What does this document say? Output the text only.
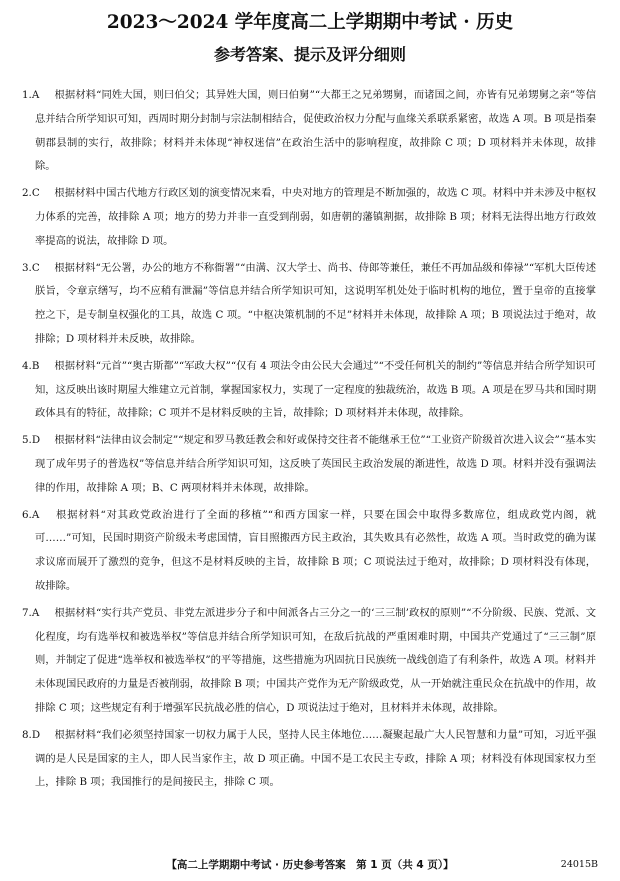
2023～2024 学年度高二上学期期中考试 · 历史
参考答案、提示及评分细则

1.A　 根据材料“同姓大国，则曰伯父；其异姓大国，则曰伯舅”“大都王之兄弟甥舅，而诸国之间，亦皆有兄弟甥舅之亲”等信息并结合所学知识可知，西周时期分封制与宗法制相结合，促使政治权力分配与血缘关系联系紧密，故选 A 项。B 项是指秦朝郡县制的实行，故排除；材料并未体现“神权迷信”在政治生活中的影响程度，故排除 C 项；D 项材料并未体现，故排除。

2.C　 根据材料中国古代地方行政区划的演变情况来看，中央对地方的管理是不断加强的，故选 C 项。材料中并未涉及中枢权力体系的完善，故排除 A 项；地方的势力并非一直受到削弱，如唐朝的藩镇割据，故排除 B 项；材料无法得出地方行政效率提高的说法，故排除 D 项。

3.C　 根据材料“无公署，办公的地方不称衙署”“由满、汉大学士、尚书、侍郎等兼任，兼任不再加品级和俸禄”“军机大臣传述朕旨，令章京缮写，均不应稍有泄漏”等信息并结合所学知识可知，这说明军机处处于临时机构的地位，置于皇帝的直接掌控之下，是专制皇权强化的工具，故选 C 项。“中枢决策机制的不足”材料并未体现，故排除 A 项；B 项说法过于绝对，故排除；D 项材料并未反映，故排除。

4.B　 根据材料“元首”“奥古斯都”“军政大权”“仅有 4 项法令由公民大会通过”“不受任何机关的制约”等信息并结合所学知识可知，这反映出该时期屋大维建立元首制，掌握国家权力，实现了一定程度的独裁统治，故选 B 项。A 项是在罗马共和国时期政体具有的特征，故排除；C 项并不是材料反映的主旨，故排除；D 项材料并未体现，故排除。

5.D　 根据材料“法律由议会制定”“规定和罗马教廷教会和好或保持交往者不能继承王位”“工业资产阶级首次进入议会”“基本实现了成年男子的普选权”等信息并结合所学知识可知，这反映了英国民主政治发展的渐进性，故选 D 项。材料并没有强调法律的作用，故排除 A 项；B、C 两项材料并未体现，故排除。

6.A　 根据材料“对其政党政治进行了全面的移植”“和西方国家一样，只要在国会中取得多数席位，组成政党内阁，就可……”可知，民国时期资产阶级未考虑国情，盲目照搬西方民主政治，其失败具有必然性，故选 A 项。当时政党的确为谋求议席而展开了激烈的竞争，但这不是材料反映的主旨，故排除 B 项；C 项说法过于绝对，故排除；D 项材料没有体现，故排除。

7.A　 根据材料“实行共产党员、非党左派进步分子和中间派各占三分之一的‘三三制’政权的原则”“不分阶级、民族、党派、文化程度，均有选举权和被选举权”等信息并结合所学知识可知，在敌后抗战的严重困难时期，中国共产党通过了“三三制”原则，并制定了促进“选举权和被选举权”的平等措施，这些措施为巩固抗日民族统一战线创造了有利条件，故选 A 项。材料并未体现国民政府的力量是否被削弱，故排除 B 项；中国共产党作为无产阶级政党，从一开始就注重民众在抗战中的作用，故排除 C 项；这些规定有利于增强军民抗战必胜的信心，D 项说法过于绝对，且材料并未体现，故排除。

8.D　 根据材料“我们必须坚持国家一切权力属于人民，坚持人民主体地位……凝聚起最广大人民智慧和力量”可知，习近平强调的是人民是国家的主人，即人民当家作主，故 D 项正确。中国不是工农民主专政，排除 A 项；材料没有体现国家权力至上，排除 B 项；我国推行的是间接民主，排除 C 项。

【高二上学期期中考试 · 历史参考答案　第 1 页（共 4 页）】	24015B
